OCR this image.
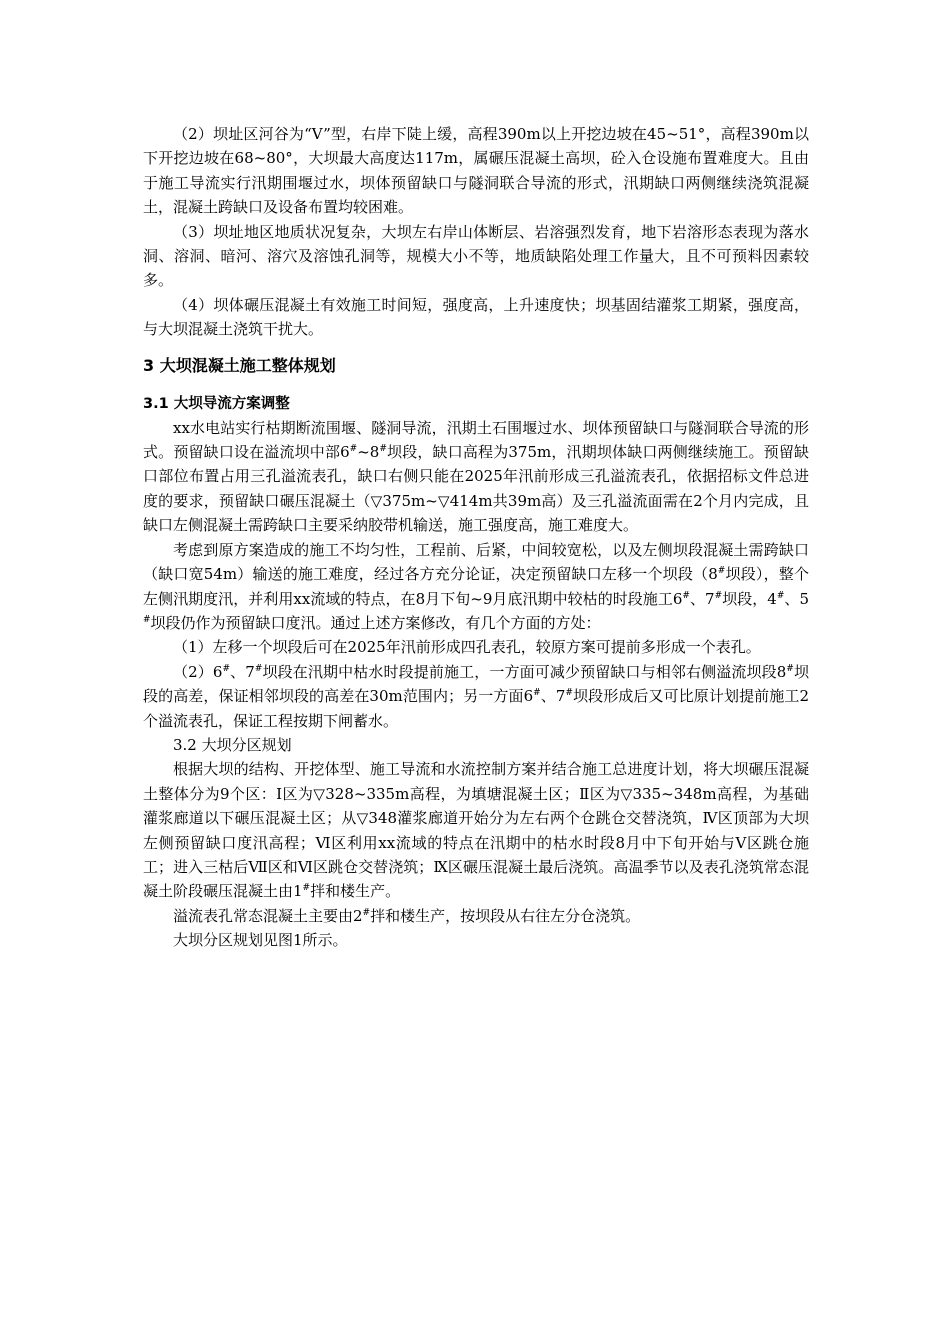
（2）坝址区河谷为“V”型，右岸下陡上缓，高程390m以上开挖边坡在45~51°，高程390m以下开挖边坡在68~80°，大坝最大高度达117m，属碾压混凝土高坝，砼入仓设施布置难度大。且由于施工导流实行汛期围堰过水，坝体预留缺口与隧洞联合导流的形式，汛期缺口两侧继续浇筑混凝土，混凝土跨缺口及设备布置均较困难。

（3）坝址地区地质状况复杂，大坝左右岸山体断层、岩溶强烈发育，地下岩溶形态表现为落水洞、溶洞、暗河、溶穴及溶蚀孔洞等，规模大小不等，地质缺陷处理工作量大，且不可预料因素较多。

（4）坝体碾压混凝土有效施工时间短，强度高，上升速度快；坝基固结灌浆工期紧，强度高，与大坝混凝土浇筑干扰大。

3 大坝混凝土施工整体规划
3.1 大坝导流方案调整

xx水电站实行枯期断流围堰、隧洞导流，汛期土石围堰过水、坝体预留缺口与隧洞联合导流的形式。预留缺口设在溢流坝中部6#~8#坝段，缺口高程为375m，汛期坝体缺口两侧继续施工。预留缺口部位布置占用三孔溢流表孔，缺口右侧只能在2025年汛前形成三孔溢流表孔，依据招标文件总进度的要求，预留缺口碾压混凝土（▽375m~▽414m共39m高）及三孔溢流面需在2个月内完成，且缺口左侧混凝土需跨缺口主要采纳胶带机输送，施工强度高，施工难度大。

考虑到原方案造成的施工不均匀性，工程前、后紧，中间较宽松，以及左侧坝段混凝土需跨缺口（缺口宽54m）输送的施工难度，经过各方充分论证，决定预留缺口左移一个坝段（8#坝段），整个左侧汛期度汛，并利用xx流域的特点，在8月下旬~9月底汛期中较枯的时段施工6#、7#坝段，4#、5#坝段仍作为预留缺口度汛。通过上述方案修改，有几个方面的方处：

（1）左移一个坝段后可在2025年汛前形成四孔表孔，较原方案可提前多形成一个表孔。

（2）6#、7#坝段在汛期中枯水时段提前施工，一方面可减少预留缺口与相邻右侧溢流坝段8#坝段的高差，保证相邻坝段的高差在30m范围内；另一方面6#、7#坝段形成后又可比原计划提前施工2个溢流表孔，保证工程按期下闸蓄水。

3.2 大坝分区规划

根据大坝的结构、开挖体型、施工导流和水流控制方案并结合施工总进度计划，将大坝碾压混凝土整体分为9个区：Ⅰ区为▽328~335m高程，为填塘混凝土区；Ⅱ区为▽335~348m高程，为基础灌浆廊道以下碾压混凝土区；从▽348灌浆廊道开始分为左右两个仓跳仓交替浇筑，Ⅳ区顶部为大坝左侧预留缺口度汛高程；Ⅵ区利用xx流域的特点在汛期中的枯水时段8月中下旬开始与Ⅴ区跳仓施工；进入三枯后Ⅶ区和Ⅵ区跳仓交替浇筑；Ⅸ区碾压混凝土最后浇筑。高温季节以及表孔浇筑常态混凝土阶段碾压混凝土由1#拌和楼生产。

溢流表孔常态混凝土主要由2#拌和楼生产，按坝段从右往左分仓浇筑。

大坝分区规划见图1所示。
